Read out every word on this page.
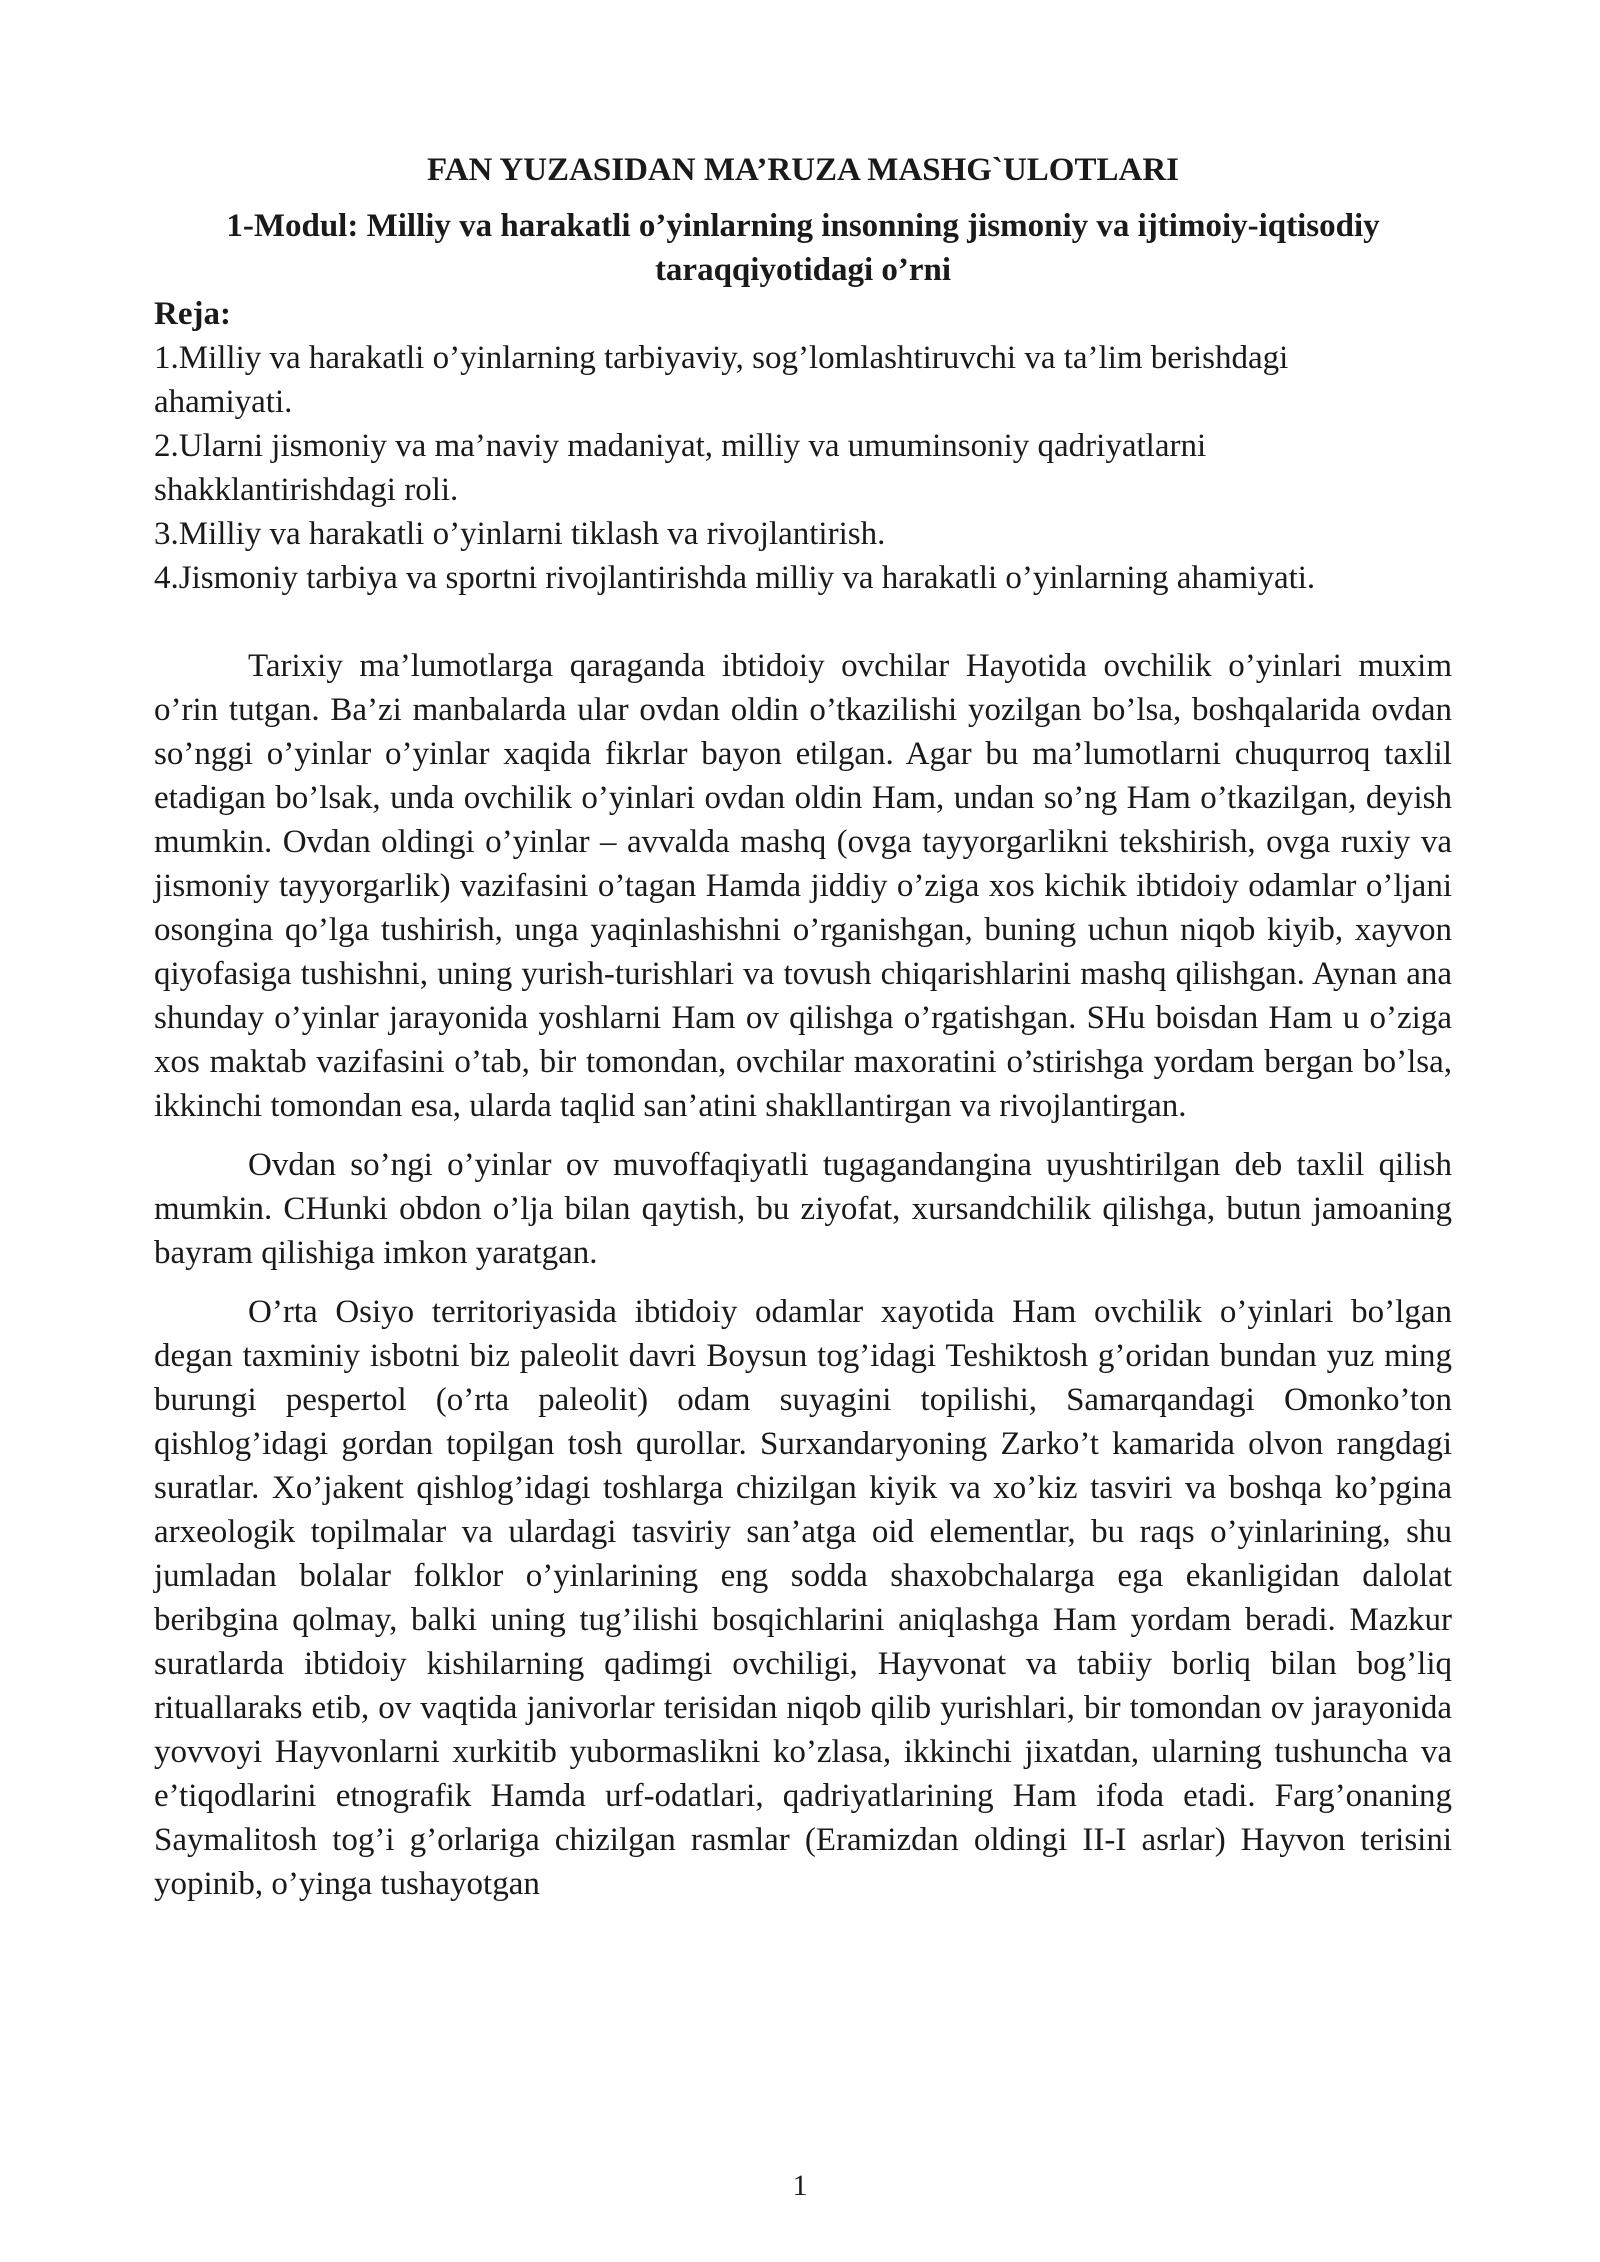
FAN YUZASIDAN MA’RUZA MASHG`ULOTLARI
1-Modul: Milliy va harakatli o’yinlarning insonning jismoniy va ijtimoiy-iqtisodiy taraqqiyotidagi o’rni
Reja:
1.Milliy va harakatli o’yinlarning tarbiyaviy, sog’lomlashtiruvchi va ta’lim berishdagi ahamiyati.
2.Ularni jismoniy va ma’naviy madaniyat, milliy va umuminsoniy qadriyatlarni shakklantirishdagi roli.
3.Milliy va harakatli o’yinlarni tiklash va rivojlantirish.
4.Jismoniy tarbiya va sportni rivojlantirishda milliy va harakatli o’yinlarning ahamiyati.

Tarixiy ma’lumotlarga qaraganda ibtidoiy ovchilar Hayotida ovchilik o’yinlari muxim o’rin tutgan. Ba’zi manbalarda ular ovdan oldin o’tkazilishi yozilgan bo’lsa, boshqalarida ovdan so’nggi o’yinlar o’yinlar xaqida fikrlar bayon etilgan. Agar bu ma’lumotlarni chuqurroq taxlil etadigan bo’lsak, unda ovchilik o’yinlari ovdan oldin Ham, undan so’ng Ham o’tkazilgan, deyish mumkin. Ovdan oldingi o’yinlar – avvalda mashq (ovga tayyorgarlikni tekshirish, ovga ruxiy va jismoniy tayyorgarlik) vazifasini o’tagan Hamda jiddiy o’ziga xos kichik ibtidoiy odamlar o’ljani osongina qo’lga tushirish, unga yaqinlashishni o’rganishgan, buning uchun niqob kiyib, xayvon qiyofasiga tushishni, uning yurish-turishlari va tovush chiqarishlarini mashq qilishgan. Aynan ana shunday o’yinlar jarayonida yoshlarni Ham ov qilishga o’rgatishgan. SHu boisdan Ham u o’ziga xos maktab vazifasini o’tab, bir tomondan, ovchilar maxoratini o’stirishga yordam bergan bo’lsa, ikkinchi tomondan esa, ularda taqlid san’atini shakllantirgan va rivojlantirgan.

Ovdan so’ngi o’yinlar ov muvoffaqiyatli tugagandangina uyushtirilgan deb taxlil qilish mumkin. CHunki obdon o’lja bilan qaytish, bu ziyofat, xursandchilik qilishga, butun jamoaning bayram qilishiga imkon yaratgan.

O’rta Osiyo territoriyasida ibtidoiy odamlar xayotida Ham ovchilik o’yinlari bo’lgan degan taxminiy isbotni biz paleolit davri Boysun tog’idagi Teshiktosh g’oridan bundan yuz ming burungi pespertol (o’rta paleolit) odam suyagini topilishi, Samarqandagi Omonko’ton qishlog’idagi gordan topilgan tosh qurollar. Surxandaryoning Zarko’t kamarida olvon rangdagi suratlar. Xo’jakent qishlog’idagi toshlarga chizilgan kiyik va xo’kiz tasviri va boshqa ko’pgina arxeologik topilmalar va ulardagi tasviriy san’atga oid elementlar, bu raqs o’yinlarining, shu jumladan bolalar folklor o’yinlarining eng sodda shaxobchalarga ega ekanligidan dalolat beribgina qolmay, balki uning tug’ilishi bosqichlarini aniqlashga Ham yordam beradi. Mazkur suratlarda ibtidoiy kishilarning qadimgi ovchiligi, Hayvonat va tabiiy borliq bilan bog’liq rituallaraks etib, ov vaqtida janivorlar terisidan niqob qilib yurishlari, bir tomondan ov jarayonida yovvoyi Hayvonlarni xurkitib yubormaslikni ko’zlasa, ikkinchi jixatdan, ularning tushuncha va e’tiqodlarini etnografik Hamda urf-odatlari, qadriyatlarining Ham ifoda etadi. Farg’onaning Saymalitosh tog’i g’orlariga chizilgan rasmlar (Eramizdan oldingi II-I asrlar) Hayvon terisini yopinib, o’yinga tushayotgan

1
